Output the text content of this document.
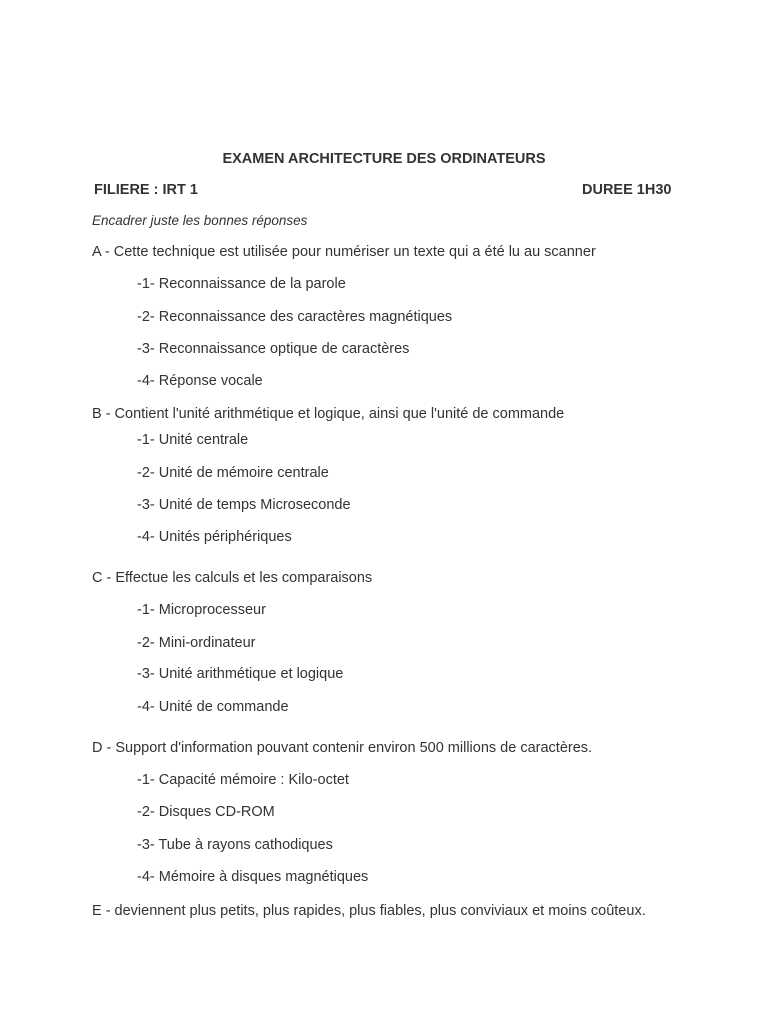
EXAMEN ARCHITECTURE DES ORDINATEURS
FILIERE : IRT 1	DUREE 1H30
Encadrer juste les bonnes réponses
A - Cette technique est utilisée pour numériser un texte qui a été lu au scanner
-1- Reconnaissance de la parole
-2- Reconnaissance des caractères magnétiques
-3- Reconnaissance optique de caractères
-4- Réponse vocale
B - Contient l'unité arithmétique et logique, ainsi que l'unité de commande
-1- Unité centrale
-2- Unité de mémoire centrale
-3- Unité de temps Microseconde
-4- Unités périphériques
C - Effectue les calculs et les comparaisons
-1- Microprocesseur
-2- Mini-ordinateur
-3- Unité arithmétique et logique
-4- Unité de commande
D - Support d'information pouvant contenir environ 500 millions de caractères.
-1- Capacité mémoire : Kilo-octet
-2- Disques CD-ROM
-3- Tube à rayons cathodiques
-4- Mémoire à disques magnétiques
E - deviennent plus petits, plus rapides, plus fiables, plus conviviaux et moins coûteux.
